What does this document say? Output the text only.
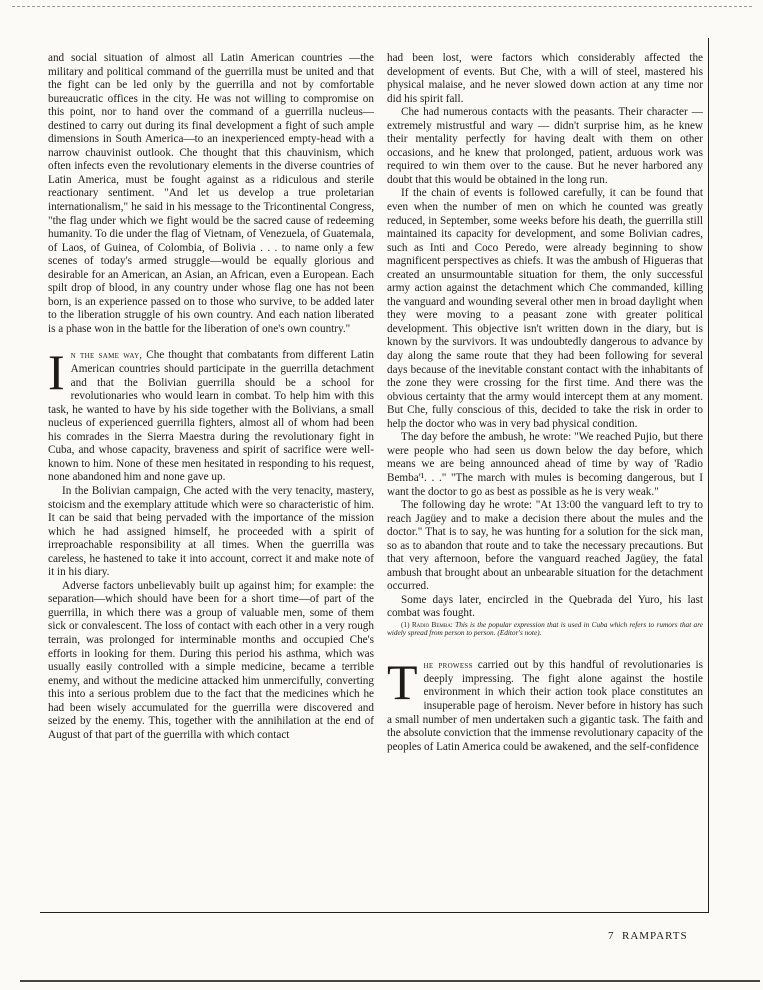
and social situation of almost all Latin American countries —the military and political command of the guerrilla must be united and that the fight can be led only by the guerrilla and not by comfortable bureaucratic offices in the city. He was not willing to compromise on this point, nor to hand over the command of a guerrilla nucleus—destined to carry out during its final development a fight of such ample dimensions in South America—to an inexperienced empty-head with a narrow chauvinist outlook. Che thought that this chauvinism, which often infects even the revolutionary elements in the diverse countries of Latin America, must be fought against as a ridiculous and sterile reactionary sentiment. "And let us develop a true proletarian internationalism," he said in his message to the Tricontinental Congress, "the flag under which we fight would be the sacred cause of redeeming humanity. To die under the flag of Vietnam, of Venezuela, of Guatemala, of Laos, of Guinea, of Colombia, of Bolivia . . . to name only a few scenes of today's armed struggle—would be equally glorious and desirable for an American, an Asian, an African, even a European. Each spilt drop of blood, in any country under whose flag one has not been born, is an experience passed on to those who survive, to be added later to the liberation struggle of his own country. And each nation liberated is a phase won in the battle for the liberation of one's own country."

In the same way, Che thought that combatants from different Latin American countries should participate in the guerrilla detachment and that the Bolivian guerrilla should be a school for revolutionaries who would learn in combat. To help him with this task, he wanted to have by his side together with the Bolivians, a small nucleus of experienced guerrilla fighters, almost all of whom had been his comrades in the Sierra Maestra during the revolutionary fight in Cuba, and whose capacity, braveness and spirit of sacrifice were well-known to him. None of these men hesitated in responding to his request, none abandoned him and none gave up.

In the Bolivian campaign, Che acted with the very tenacity, mastery, stoicism and the exemplary attitude which were so characteristic of him. It can be said that being pervaded with the importance of the mission which he had assigned himself, he proceeded with a spirit of irreproachable responsibility at all times. When the guerrilla was careless, he hastened to take it into account, correct it and make note of it in his diary.

Adverse factors unbelievably built up against him; for example: the separation—which should have been for a short time—of part of the guerrilla, in which there was a group of valuable men, some of them sick or convalescent. The loss of contact with each other in a very rough terrain, was prolonged for interminable months and occupied Che's efforts in looking for them. During this period his asthma, which was usually easily controlled with a simple medicine, became a terrible enemy, and without the medicine attacked him unmercifully, converting this into a serious problem due to the fact that the medicines which he had been wisely accumulated for the guerrilla were discovered and seized by the enemy. This, together with the annihilation at the end of August of that part of the guerrilla with which contact

had been lost, were factors which considerably affected the development of events. But Che, with a will of steel, mastered his physical malaise, and he never slowed down action at any time nor did his spirit fall.

Che had numerous contacts with the peasants. Their character — extremely mistrustful and wary — didn't surprise him, as he knew their mentality perfectly for having dealt with them on other occasions, and he knew that prolonged, patient, arduous work was required to win them over to the cause. But he never harbored any doubt that this would be obtained in the long run.

If the chain of events is followed carefully, it can be found that even when the number of men on which he counted was greatly reduced, in September, some weeks before his death, the guerrilla still maintained its capacity for development, and some Bolivian cadres, such as Inti and Coco Peredo, were already beginning to show magnificent perspectives as chiefs. It was the ambush of Higueras that created an unsurmountable situation for them, the only successful army action against the detachment which Che commanded, killing the vanguard and wounding several other men in broad daylight when they were moving to a peasant zone with greater political development. This objective isn't written down in the diary, but is known by the survivors. It was undoubtedly dangerous to advance by day along the same route that they had been following for several days because of the inevitable constant contact with the inhabitants of the zone they were crossing for the first time. And there was the obvious certainty that the army would intercept them at any moment. But Che, fully conscious of this, decided to take the risk in order to help the doctor who was in very bad physical condition.

The day before the ambush, he wrote: "We reached Pujio, but there were people who had seen us down below the day before, which means we are being announced ahead of time by way of 'Radio Bemba'¹. . ." "The march with mules is becoming dangerous, but I want the doctor to go as best as possible as he is very weak."

The following day he wrote: "At 13:00 the vanguard left to try to reach Jagüey and to make a decision there about the mules and the doctor." That is to say, he was hunting for a solution for the sick man, so as to abandon that route and to take the necessary precautions. But that very afternoon, before the vanguard reached Jagüey, the fatal ambush that brought about an unbearable situation for the detachment occurred.

Some days later, encircled in the Quebrada del Yuro, his last combat was fought.

(1) Radio Bemba: This is the popular expression that is used in Cuba which refers to rumors that are widely spread from person to person. (Editor's note).

The prowess carried out by this handful of revolutionaries is deeply impressing. The fight alone against the hostile environment in which their action took place constitutes an insuperable page of heroism. Never before in history has such a small number of men undertaken such a gigantic task. The faith and the absolute conviction that the immense revolutionary capacity of the peoples of Latin America could be awakened, and the self-confidence

7 RAMPARTS
